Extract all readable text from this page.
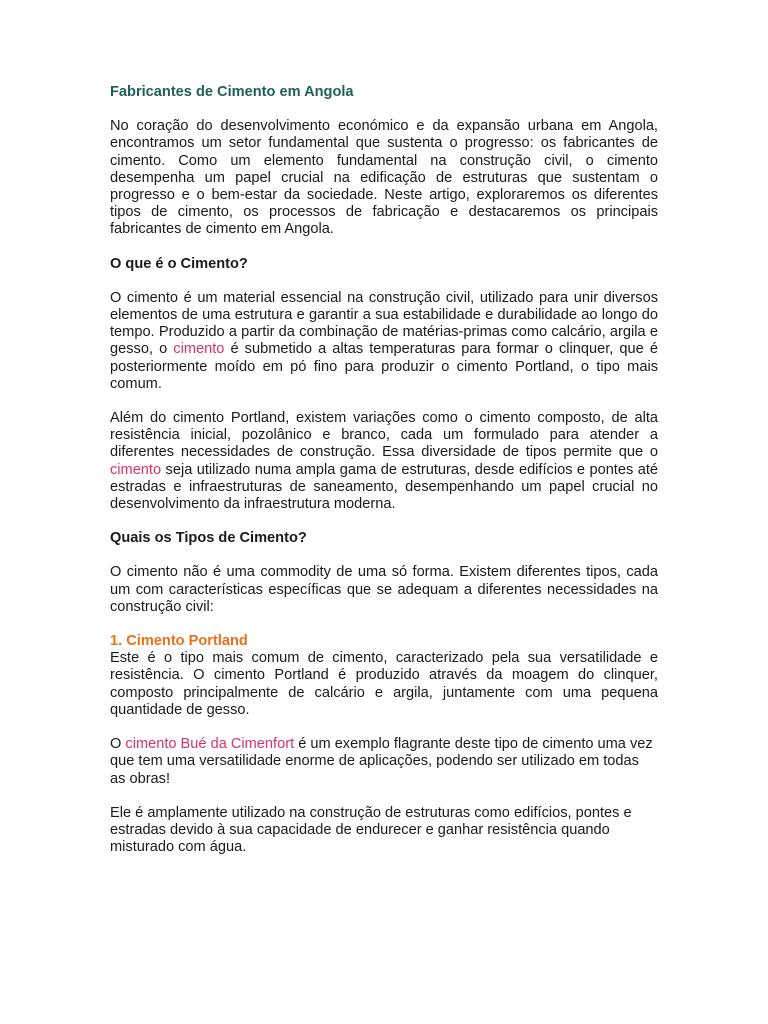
Fabricantes de Cimento em Angola

No coração do desenvolvimento económico e da expansão urbana em Angola, encontramos um setor fundamental que sustenta o progresso: os fabricantes de cimento. Como um elemento fundamental na construção civil, o cimento desempenha um papel crucial na edificação de estruturas que sustentam o progresso e o bem-estar da sociedade. Neste artigo, exploraremos os diferentes tipos de cimento, os processos de fabricação e destacaremos os principais fabricantes de cimento em Angola.

O que é o Cimento?

O cimento é um material essencial na construção civil, utilizado para unir diversos elementos de uma estrutura e garantir a sua estabilidade e durabilidade ao longo do tempo. Produzido a partir da combinação de matérias-primas como calcário, argila e gesso, o cimento é submetido a altas temperaturas para formar o clinquer, que é posteriormente moído em pó fino para produzir o cimento Portland, o tipo mais comum.

Além do cimento Portland, existem variações como o cimento composto, de alta resistência inicial, pozolânico e branco, cada um formulado para atender a diferentes necessidades de construção. Essa diversidade de tipos permite que o cimento seja utilizado numa ampla gama de estruturas, desde edifícios e pontes até estradas e infraestruturas de saneamento, desempenhando um papel crucial no desenvolvimento da infraestrutura moderna.

Quais os Tipos de Cimento?

O cimento não é uma commodity de uma só forma. Existem diferentes tipos, cada um com características específicas que se adequam a diferentes necessidades na construção civil:

1. Cimento Portland
Este é o tipo mais comum de cimento, caracterizado pela sua versatilidade e resistência. O cimento Portland é produzido através da moagem do clinquer, composto principalmente de calcário e argila, juntamente com uma pequena quantidade de gesso.

O cimento Bué da Cimenfort é um exemplo flagrante deste tipo de cimento uma vez que tem uma versatilidade enorme de aplicações, podendo ser utilizado em todas as obras!

Ele é amplamente utilizado na construção de estruturas como edifícios, pontes e estradas devido à sua capacidade de endurecer e ganhar resistência quando misturado com água.
